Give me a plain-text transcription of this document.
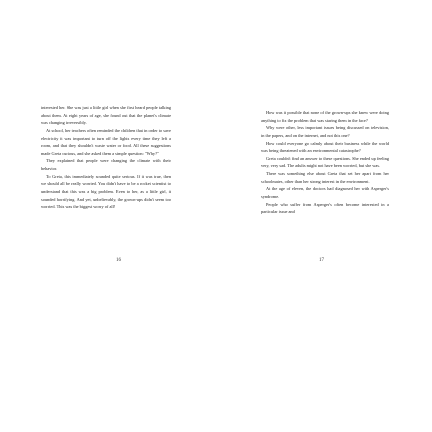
interested her. She was just a little girl when she first heard people talking about them. At eight years of age, she found out that the planet's climate was changing irreversibly.

At school, her teachers often reminded the children that in order to save electricity it was important to turn off the lights every time they left a room, and that they shouldn't waste water or food. All these suggestions made Greta curious, and she asked them a simple question: "Why?"

They explained that people were changing the climate with their behavior.

To Greta, this immediately sounded quite serious. If it was true, then we should all be really worried. You didn't have to be a rocket scientist to understand that this was a big problem. Even to her, as a little girl, it sounded horrifying. And yet, unbelievably, the grown-ups didn't seem too worried. This was the biggest worry of all!

16

How was it possible that none of the grown-ups she knew were doing anything to fix the problem that was staring them in the face?

Why were other, less important issues being discussed on television, in the papers, and on the internet, and not this one?

How could everyone go calmly about their business while the world was being threatened with an environmental catastrophe?

Greta couldn't find an answer to these questions. She ended up feeling very, very sad. The adults might not have been worried, but she was.

There was something else about Greta that set her apart from her schoolmates, other than her strong interest in the environment.

At the age of eleven, the doctors had diagnosed her with Asperger's syndrome.

People who suffer from Asperger's often become interested in a particular issue and

17
